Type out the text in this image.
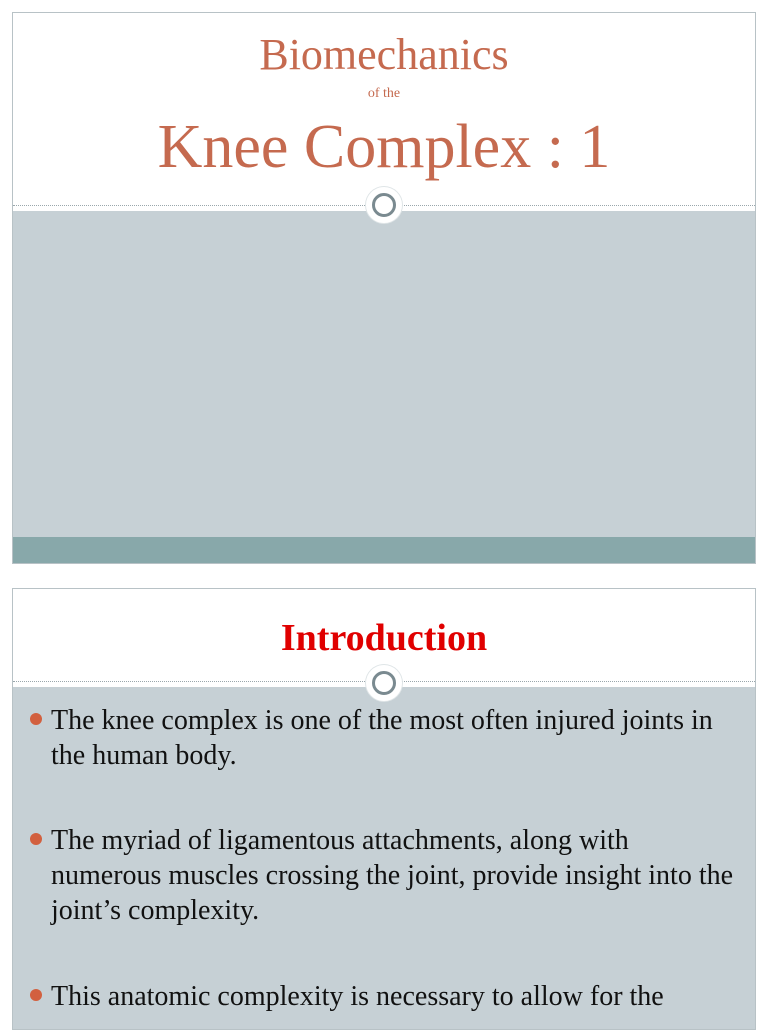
Biomechanics
of the
Knee Complex : 1
Introduction
The knee complex is one of the most often injured joints in the human body.
The myriad of ligamentous attachments, along with numerous muscles crossing the joint, provide insight into the joint’s complexity.
This anatomic complexity is necessary to allow for the
